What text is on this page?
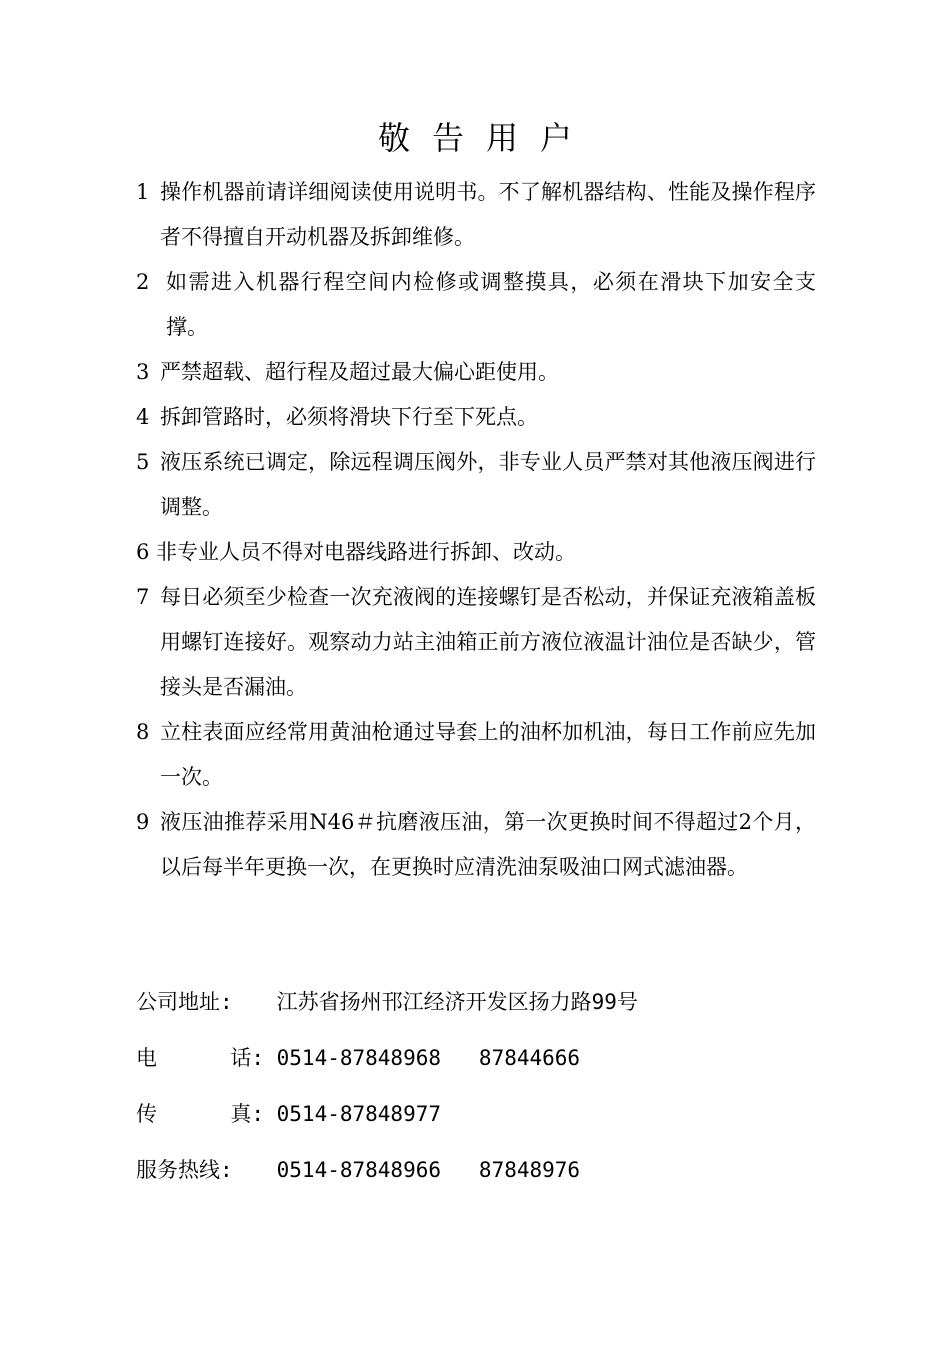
敬告用户
1 操作机器前请详细阅读使用说明书。不了解机器结构、性能及操作程序者不得擅自开动机器及拆卸维修。
2 如需进入机器行程空间内检修或调整摸具，必须在滑块下加安全支撑。
3 严禁超载、超行程及超过最大偏心距使用。
4 拆卸管路时，必须将滑块下行至下死点。
5 液压系统已调定，除远程调压阀外，非专业人员严禁对其他液压阀进行调整。
6 非专业人员不得对电器线路进行拆卸、改动。
7 每日必须至少检查一次充液阀的连接螺钉是否松动，并保证充液箱盖板用螺钉连接好。观察动力站主油箱正前方液位液温计油位是否缺少，管接头是否漏油。
8 立柱表面应经常用黄油枪通过导套上的油杯加机油，每日工作前应先加一次。
9 液压油推荐采用N46＃抗磨液压油，第一次更换时间不得超过2个月，以后每半年更换一次，在更换时应清洗油泵吸油口网式滤油器。
公司地址:	江苏省扬州邗江经济开发区扬力路99号
电	话: 0514-87848968   87844666
传	真: 0514-87848977
服务热线:	0514-87848966   87848976
